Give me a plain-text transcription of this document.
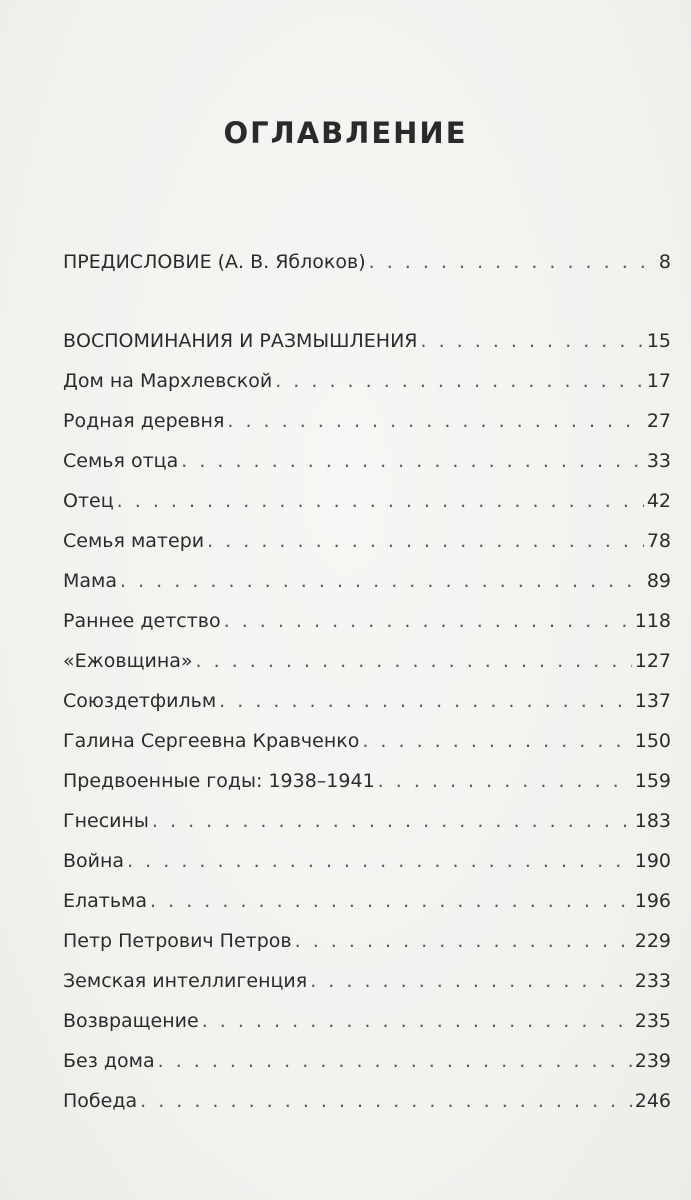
ОГЛАВЛЕНИЕ
ПРЕДИСЛОВИЕ (А. В. Яблоков) . . .	8
ВОСПОМИНАНИЯ И РАЗМЫШЛЕНИЯ . . .	15
Дом на Мархлевской . . .	17
Родная деревня . . .	27
Семья отца . . .	33
Отец . . .	42
Семья матери . . .	78
Мама . . .	89
Раннее детство . . .	118
«Ежовщина» . . .	127
Союздетфильм . . .	137
Галина Сергеевна Кравченко . . .	150
Предвоенные годы: 1938–1941 . . .	159
Гнесины . . .	183
Война . . .	190
Елатьма . . .	196
Петр Петрович Петров . . .	229
Земская интеллигенция . . .	233
Возвращение . . .	235
Без дома . . .	239
Победа . . .	246
